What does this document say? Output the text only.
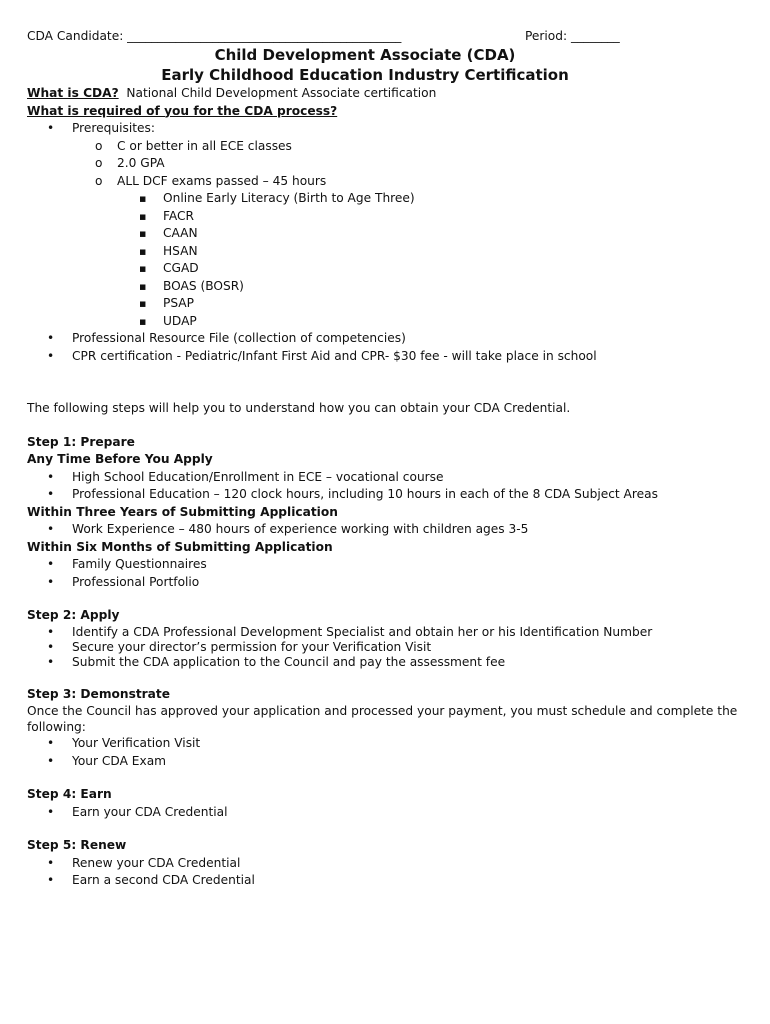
CDA Candidate: _____________________________________________	Period: ________
Child Development Associate (CDA)
Early Childhood Education Industry Certification
What is CDA? National Child Development Associate certification
What is required of you for the CDA process?
• Prerequisites:
o C or better in all ECE classes
o 2.0 GPA
o ALL DCF exams passed – 45 hours
▪ Online Early Literacy (Birth to Age Three)
▪ FACR
▪ CAAN
▪ HSAN
▪ CGAD
▪ BOAS (BOSR)
▪ PSAP
▪ UDAP
• Professional Resource File (collection of competencies)
• CPR certification - Pediatric/Infant First Aid and CPR- $30 fee - will take place in school
The following steps will help you to understand how you can obtain your CDA Credential.
Step 1: Prepare
Any Time Before You Apply
• High School Education/Enrollment in ECE – vocational course
• Professional Education – 120 clock hours, including 10 hours in each of the 8 CDA Subject Areas
Within Three Years of Submitting Application
• Work Experience – 480 hours of experience working with children ages 3-5
Within Six Months of Submitting Application
• Family Questionnaires
• Professional Portfolio
Step 2: Apply
• Identify a CDA Professional Development Specialist and obtain her or his Identification Number
• Secure your director’s permission for your Verification Visit
• Submit the CDA application to the Council and pay the assessment fee
Step 3: Demonstrate
Once the Council has approved your application and processed your payment, you must schedule and complete the following:
• Your Verification Visit
• Your CDA Exam
Step 4: Earn
• Earn your CDA Credential
Step 5: Renew
• Renew your CDA Credential
• Earn a second CDA Credential
